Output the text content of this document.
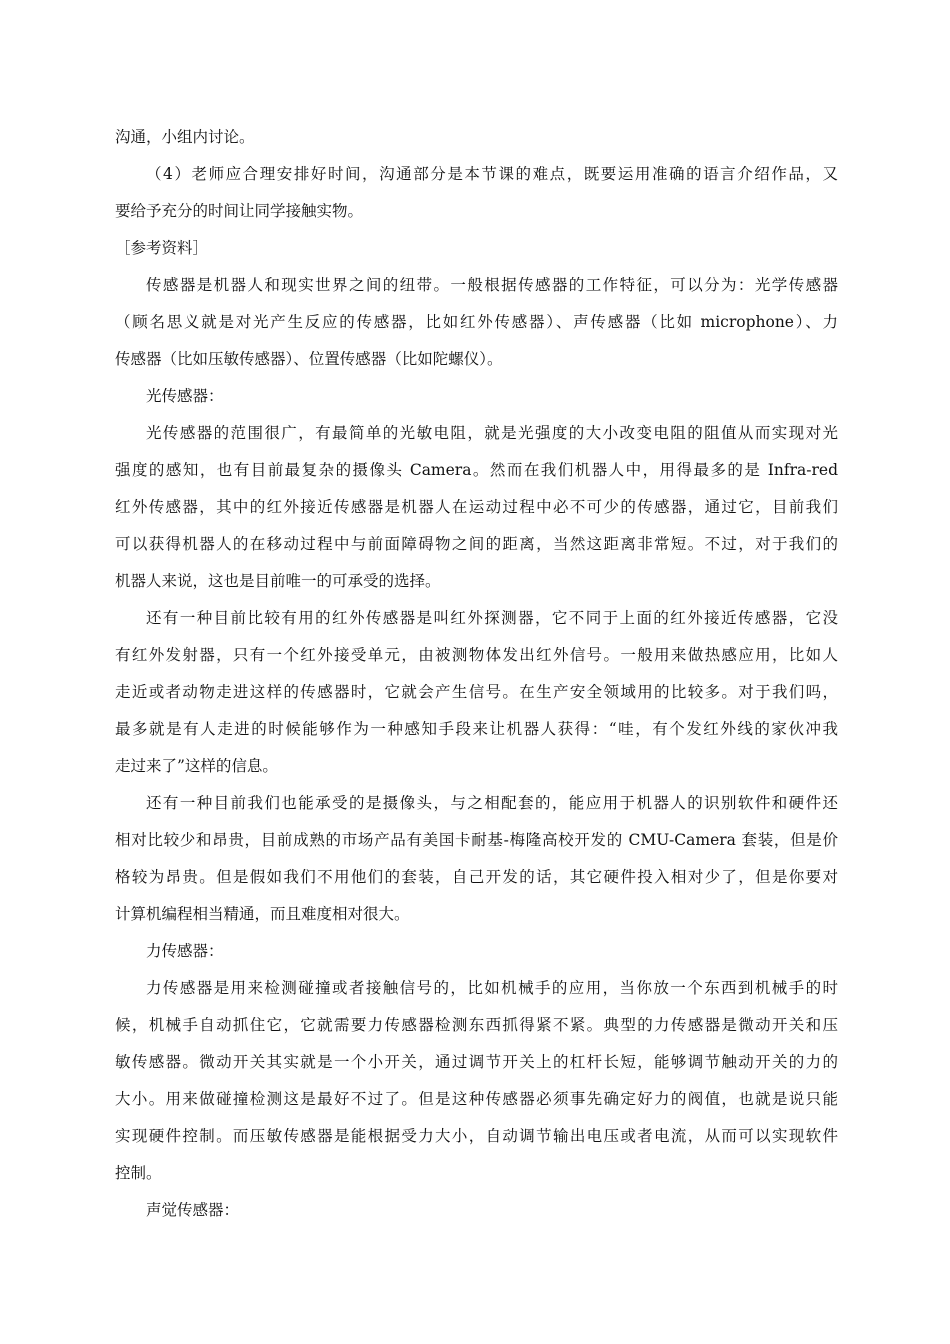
沟通，小组内讨论。
（4）老师应合理安排好时间，沟通部分是本节课的难点，既要运用准确的语言介绍作品，又
要给予充分的时间让同学接触实物。
［参考资料］
传感器是机器人和现实世界之间的纽带。一般根据传感器的工作特征，可以分为：光学传感器
（顾名思义就是对光产生反应的传感器，比如红外传感器）、声传感器（比如 microphone）、力
传感器（比如压敏传感器）、位置传感器（比如陀螺仪）。
光传感器：
光传感器的范围很广，有最简单的光敏电阻，就是光强度的大小改变电阻的阻值从而实现对光
强度的感知，也有目前最复杂的摄像头 Camera。然而在我们机器人中，用得最多的是 Infra-red
红外传感器，其中的红外接近传感器是机器人在运动过程中必不可少的传感器，通过它，目前我们
可以获得机器人的在移动过程中与前面障碍物之间的距离，当然这距离非常短。不过，对于我们的
机器人来说，这也是目前唯一的可承受的选择。
还有一种目前比较有用的红外传感器是叫红外探测器，它不同于上面的红外接近传感器，它没
有红外发射器，只有一个红外接受单元，由被测物体发出红外信号。一般用来做热感应用，比如人
走近或者动物走进这样的传感器时，它就会产生信号。在生产安全领域用的比较多。对于我们吗，
最多就是有人走进的时候能够作为一种感知手段来让机器人获得：“哇，有个发红外线的家伙冲我
走过来了”这样的信息。
还有一种目前我们也能承受的是摄像头，与之相配套的，能应用于机器人的识别软件和硬件还
相对比较少和昂贵，目前成熟的市场产品有美国卡耐基-梅隆高校开发的 CMU-Camera 套装，但是价
格较为昂贵。但是假如我们不用他们的套装，自己开发的话，其它硬件投入相对少了，但是你要对
计算机编程相当精通，而且难度相对很大。
力传感器：
力传感器是用来检测碰撞或者接触信号的，比如机械手的应用，当你放一个东西到机械手的时
候，机械手自动抓住它，它就需要力传感器检测东西抓得紧不紧。典型的力传感器是微动开关和压
敏传感器。微动开关其实就是一个小开关，通过调节开关上的杠杆长短，能够调节触动开关的力的
大小。用来做碰撞检测这是最好不过了。但是这种传感器必须事先确定好力的阀值，也就是说只能
实现硬件控制。而压敏传感器是能根据受力大小，自动调节输出电压或者电流，从而可以实现软件
控制。
声觉传感器：
